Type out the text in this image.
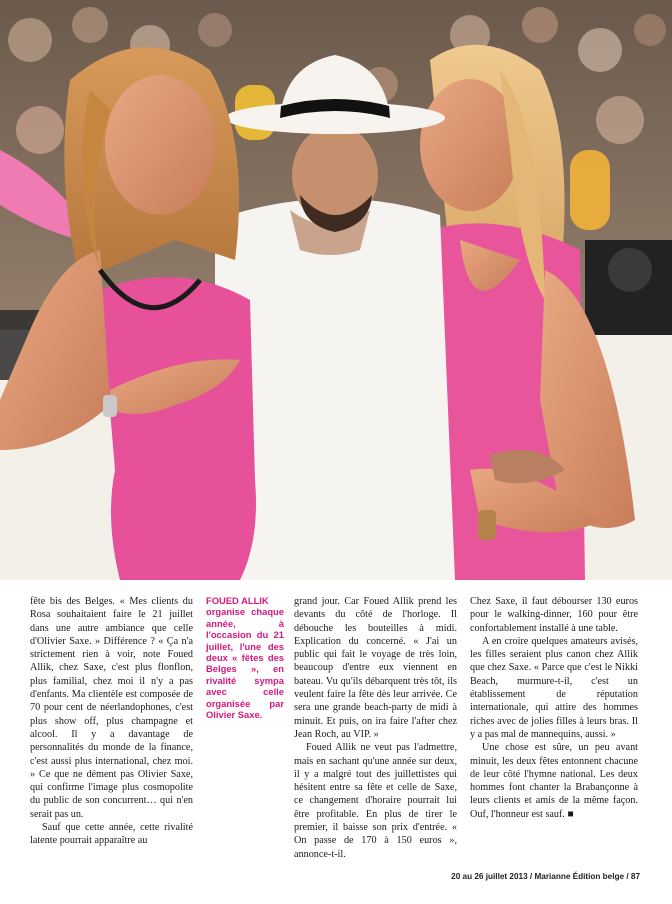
fête bis des Belges. « Mes clients du Rosa souhaitaient faire le 21 juillet dans une autre ambiance que celle d'Olivier Saxe. » Différence ? « Ça n'a strictement rien à voir, note Foued Allik, chez Saxe, c'est plus flonflon, plus familial, chez moi il n'y a pas d'enfants. Ma clientèle est composée de 70 pour cent de néerlandophones, c'est plus show off, plus champagne et alcool. Il y a davantage de personnalités du monde de la finance, c'est aussi plus international, chez moi. » Ce que ne dément pas Olivier Saxe, qui confirme l'image plus cosmopolite du public de son concurrent… qui n'en serait pas un.

Sauf que cette année, cette rivalité latente pourrait apparaître au

FOUED ALLIK
organise chaque année, à l'occasion du 21 juillet, l'une des deux « fêtes des Belges », en rivalité sympa avec celle organisée par Olivier Saxe.

grand jour. Car Foued Allik prend les devants du côté de l'horloge. Il débouche les bouteilles à midi. Explication du concerné. « J'ai un public qui fait le voyage de très loin, beaucoup d'entre eux viennent en bateau. Vu qu'ils débarquent très tôt, ils veulent faire la fête dès leur arrivée. Ce sera une grande beach-party de midi à minuit. Et puis, on ira faire l'after chez Jean Roch, au VIP. »

Foued Allik ne veut pas l'admettre, mais en sachant qu'une année sur deux, il y a malgré tout des juillettistes qui hésitent entre sa fête et celle de Saxe, ce changement d'horaire pourrait lui être profitable. En plus de tirer le premier, il baisse son prix d'entrée. « On passe de 170 à 150 euros », annonce-t-il.

Chez Saxe, il faut débourser 130 euros pour le walking-dinner, 160 pour être confortablement installé à une table.

A en croire quelques amateurs avisés, les filles seraient plus canon chez Allik que chez Saxe. « Parce que c'est le Nikki Beach, murmure-t-il, c'est un établissement de réputation internationale, qui attire des hommes riches avec de jolies filles à leurs bras. Il y a pas mal de mannequins, aussi. »

Une chose est sûre, un peu avant minuit, les deux fêtes entonnent chacune de leur côté l'hymne national. Les deux hommes font chanter la Brabançonne à leurs clients et amis de la même façon. Ouf, l'honneur est sauf. ■

20 au 26 juillet 2013 / Marianne Édition belge / 87
